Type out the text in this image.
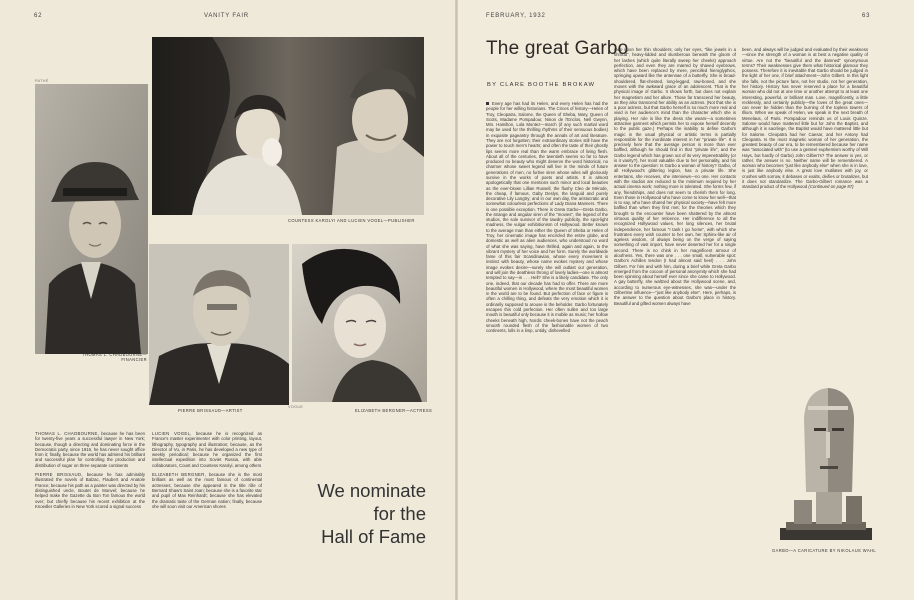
62	VANITY FAIR
PATHÉ
THOMAS L. CHADBOURNE—
FINANCIER
COUNTESS KAROLYI AND LUCIEN VOGEL—PUBLISHER
PIERRE BRISSAUD—ARTIST
VOGUE
ELIZABETH BERGNER—ACTRESS

THOMAS L. CHADBOURNE, because he has been for twenty-five years a successful lawyer in New York; because, though a directing and dominating force in the Democratic party, since 1916, he has never sought office from it; finally, because the world has admired his brilliant and successful plan for controlling the production and distribution of sugar on three separate continents

PIERRE BRISSAUD, because he has admirably illustrated the novels of Balzac, Flaubert and Anatole France; because his path as a painter was directed by his distinguished uncle, Boutet de Monvel; because he helped make the Gazette du Bon Ton famous the world over; but chiefly because his recent exhibition at the Knoedler Galleries in New York scored a signal success

LUCIEN VOGEL, because he is recognized as France's master experimenter with color printing, layout, lithography, typography and illustration; because, as the Director of Vu, in Paris, he has developed a new type of weekly periodical; because he organized the first intellectual expedition into Soviet Russia, with able collaborators, Count and Countess Karolyi, among others

ELIZABETH BERGNER, because she is the most brilliant as well as the most famous of continental actresses; because she appeared in the title rôle of Bernard Shaw's Saint Joan; because she is a favorite star and pupil of Max Reinhardt; because she has elevated the dramatic taste of the German nation; finally, because she will soon visit our American shores

We nominate
for the
Hall of Fame
FEBRUARY, 1932	63
The great Garbo
BY CLARE BOOTHE BROKAW

Every age has had its Helen, and every Helen has had the people for her willing historians. The Circes of history—Helen of Troy, Cleopatra, Salome, the Queen of Sheba, Mary, Queen of Scots, Madame Pompadour, Ninon de l'Enclos, Nell Gwynn, Mrs. Hamilton, Lola Montez—march (if any such martial word may be used for the thrilling rhythms of their sensuous bodies) in exquisite pageantry through the annals of art and literature. They are not forgotten; their extraordinary stories still have the power to touch men's hearts; and often the taste of their ghostly lips seems more real than the warm embrace of living flesh. About all of the centuries, the twentieth seems so far to have produced no beauty who might deserve the word historical, no charmer whose sweet legend will live in the minds of future generations of men, no furtive siren whose wiles will gloriously survive in the works of poets and artists. It is almost apologetically that one mentions such minor and local beauties as the ever-blown Lillian Russell, the flushy Cleo de Mérode, the cheap, if famous, Gaby Deslys, the languid and purely decorative Lily Langtry; and in our own day, the aristocratic and somewhat colourless perfections of Lady Diana Manners. There is one possible exception. There is Greta Garbo—Greta Garbo, the strange and angular siren of the "movies", the legend of the studios, the sole survivor of the tawdry publicity, the spot-light madness, the vulgar exhibitionism of Hollywood. Better known to the average man than either the Queen of Sheba or Helen of Troy, her cinematic image has encircled the entire globe, and domestic as well as alien audiences, who understood no word of what she was saying, have thrilled, again and again, to the vibrant mystery of her voice and her form. Surely the worldwide fame of this fair Scandinavian, whose every movement is instinct with beauty, whose name evokes mystery and whose image evokes desire—surely she will outlast our generation, and will join the deathless throng of lovely ladies—one is almost tempted to say—in . . . Hell? She is a likely candidate. The only one, indeed, that our decade has had to offer. There are more beautiful women in Hollywood, where the most beautiful women in the world are to be found. But perfection of face or figure is often a chilling thing, and defeats the very emotion which it is ordinarily supposed to arouse in the beholder. Garbo fortunately escapes this cold perfection. Her often sullen and too large mouth is beautiful only because it is mobile as music; her hollow cheeks beneath high, Nordic cheek-bones have not the peach smooth rounded flesh of the fashionable women of two continents, lolls in a limp, untidy, dishevelled

mop upon her thin shoulders; only her eyes, "like jewels in a shroud", heavy-lidded and slumberous beneath the gloom of her lashes (which quite literally sweep her cheeks) approach perfection, and even they are marred by shaved eyebrows, which have been replaced by mere, pencilled hieroglyphics, springing upward like the antennae of a butterfly. She is broad-shouldered, flat-chested, long-legged, raw-boned, and she moves with the awkward grace of an adolescent. That is the physical image of Garbo. It shows forth, but does not explain her magnetism and her allure. Those far transcend her beauty, as they also transcend her ability as an actress. (Not that she is a poor actress, but that Garbo herself is so much more real and vivid in her audience's mind than the character which she is playing. Her role is like the dress she wears—a sometimes attractive garment which permits her to expose herself decently to the public gaze.) Perhaps the inability to define Garbo's magic in the usual physical or artistic terms is partially responsible for the inordinate interest in her "private life". It is precisely here that the average person is more than ever baffled, although he should find in that "private life", and the Garbo legend which has grown out of its very impenetrability (or is it vanity?), her most valuable clue to her personality, and his answer to the question: Is Garbo a woman of history? Garbo, of all Hollywood's glittering legion, has a private life. She entertains, she receives, she interviews—no one. Her contacts with the studios are reduced to the minimum required by her actual cinema work; nothing more is tolerated. She forms few, if any, friendships, and does not seem to cherish them for long. Even those in Hollywood who have come to know her well—that is to say, who have shared her physical society—have felt more baffled than when they first met; for the theories which they brought to the encounter have been shattered by the almost virtuous quality of her reticence. Her indifference to all the recognized Hollywood values, her long silences, her brutal independence, her famous "I tank I go home", with which she frustrates every wish counter to her own, her Sphinx-like air of ageless wisdom, of always being on the verge of saying something of vast import, have never deserted her for a single second. There is no chink in her magnificent armour of aloofness. Yes, there was one . . . one small, vulnerable spot: Garbo's Achilles tendon (I had almost said heel) . . . John Gilbert. For him and with him, during a brief while Greta Garbo emerged from the cocoon of personal anonymity which she had been spinning about herself ever since she came to Hollywood. A gay butterfly, she waltzed about the Hollywood scene, and, according to numerous eye-witnesses, she was—under the Gilbertine influence—"just like anybody else". Here, perhaps, is the answer to the question about Garbo's place in history. Beautiful and gifted women always have

been, and always will be judged and evaluated by their weakness—since the strength of a woman is at best a negative quality of virtue. Are not the "beautiful and the damned" synonymous terms? Their weaknesses give them what historical glamour they possess. Therefore it is inevitable that Garbo should be judged in the light of her one, if brief attachment—John Gilbert. In this light she falls, not the picture fans, not her studio, not her generation, her history. History has never reserved a place for a beautiful woman who did not at one time or another attempt to at least one interesting, powerful, or brilliant man. Love, magnificently, a little recklessly, and certainly publicly—the loves of the great ones—can never be hidden than the burning of the topless towers of Illium. When we speak of Helen, we speak in the next breath of Menelaus, of Paris. Pompadour reminds us of Louis Quinze. Salome would have mattered little but for John the Baptist, and although it is sacrilege, the Baptist would have mattered little but for Salome. Cleopatra had her Caesar, and her Antony had Cleopatra. Is the most magnetic woman of her generation, the greatest beauty of our era, to be remembered because her name was "associated with" (to use a genteel euphemism worthy of Will Hays, but hardly of Garbo) John Gilbert's? The answer is yes, or rather, the answer is no. Neither name will be remembered. A woman who becomes "just like anybody else" when she is in love, is just like anybody else. A great love mutilates with joy, or crushes with sorrow, it debases or exalts, deifies or brutalizes, but it does not standardize. The Garbo-Gilbert romance was a standard product of the Hollywood (Continued on page 87)

GARBO—A CARICATURE BY NIKOLAUS WAHL
